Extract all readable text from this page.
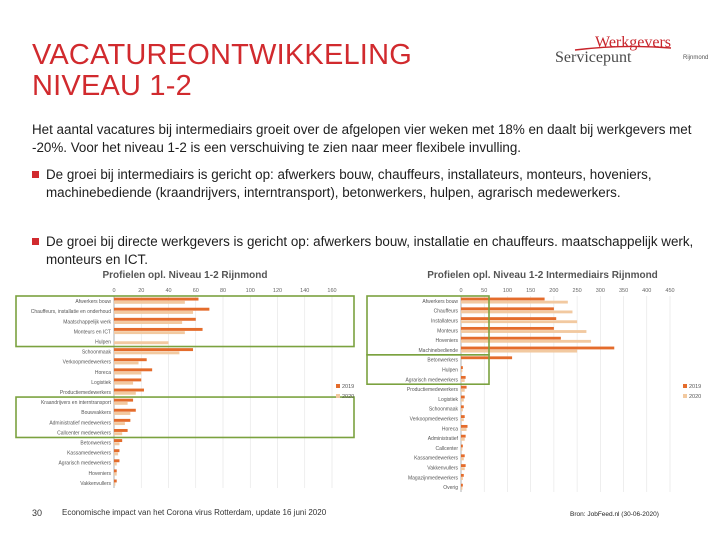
VACATUREONTWIKKELING
NIVEAU 1-2
Werkgevers
Servicepunt	Rijnmond
Het aantal vacatures bij intermediairs groeit over de afgelopen vier weken met 18% en daalt bij werkgevers met -20%. Voor het niveau 1-2 is een verschuiving te zien naar meer flexibele invulling.
De groei bij intermediairs is gericht op: afwerkers bouw, chauffeurs, installateurs, monteurs, hoveniers, machinebediende (kraandrijvers, interntransport), betonwerkers, hulpen, agrarisch medewerkers.
De groei bij directe werkgevers is gericht op: afwerkers bouw, installatie en chauffeurs. maatschappelijk werk, monteurs en ICT.
Profielen opl. Niveau 1-2 Rijnmond
0	20	40	60	80	100	120	140	160
Afwerkers bouw
Chauffeurs, installatie en onderhoud
Maatschappelijk werk
Monteurs en ICT
Hulpen
Schoonmaak
Verkoopmedewerkers
Horeca
Logistiek
Productiemedewerkers
Kraandrijvers en interntransport
Bouwvakkers
Administratief medewerkers
Callcenter medewerkers
Betonwerkers
Kassamedewerkers
Agrarisch medewerkers
Hoveniers
Vakkenvullers
2019
2020
Profielen opl. Niveau 1-2 Intermediairs Rijnmond
0	50	100	150	200	250	300	350	400	450
Afwerkers bouw
Chauffeurs
Installateurs
Monteurs
Hoveniers
Machinebediende
Betonwerkers
Hulpen
Agrarisch medewerkers
Productiemedewerkers
Logistiek
Schoonmaak
Verkoopmedewerkers
Horeca
Administratief
Callcenter
Kassamedewerkers
Vakkenvullers
Magazijnmedewerkers
Overig
2019
2020
30 Economische impact van het Corona virus Rotterdam, update 16 juni 2020	Bron: JobFeed.nl (30-06-2020)
